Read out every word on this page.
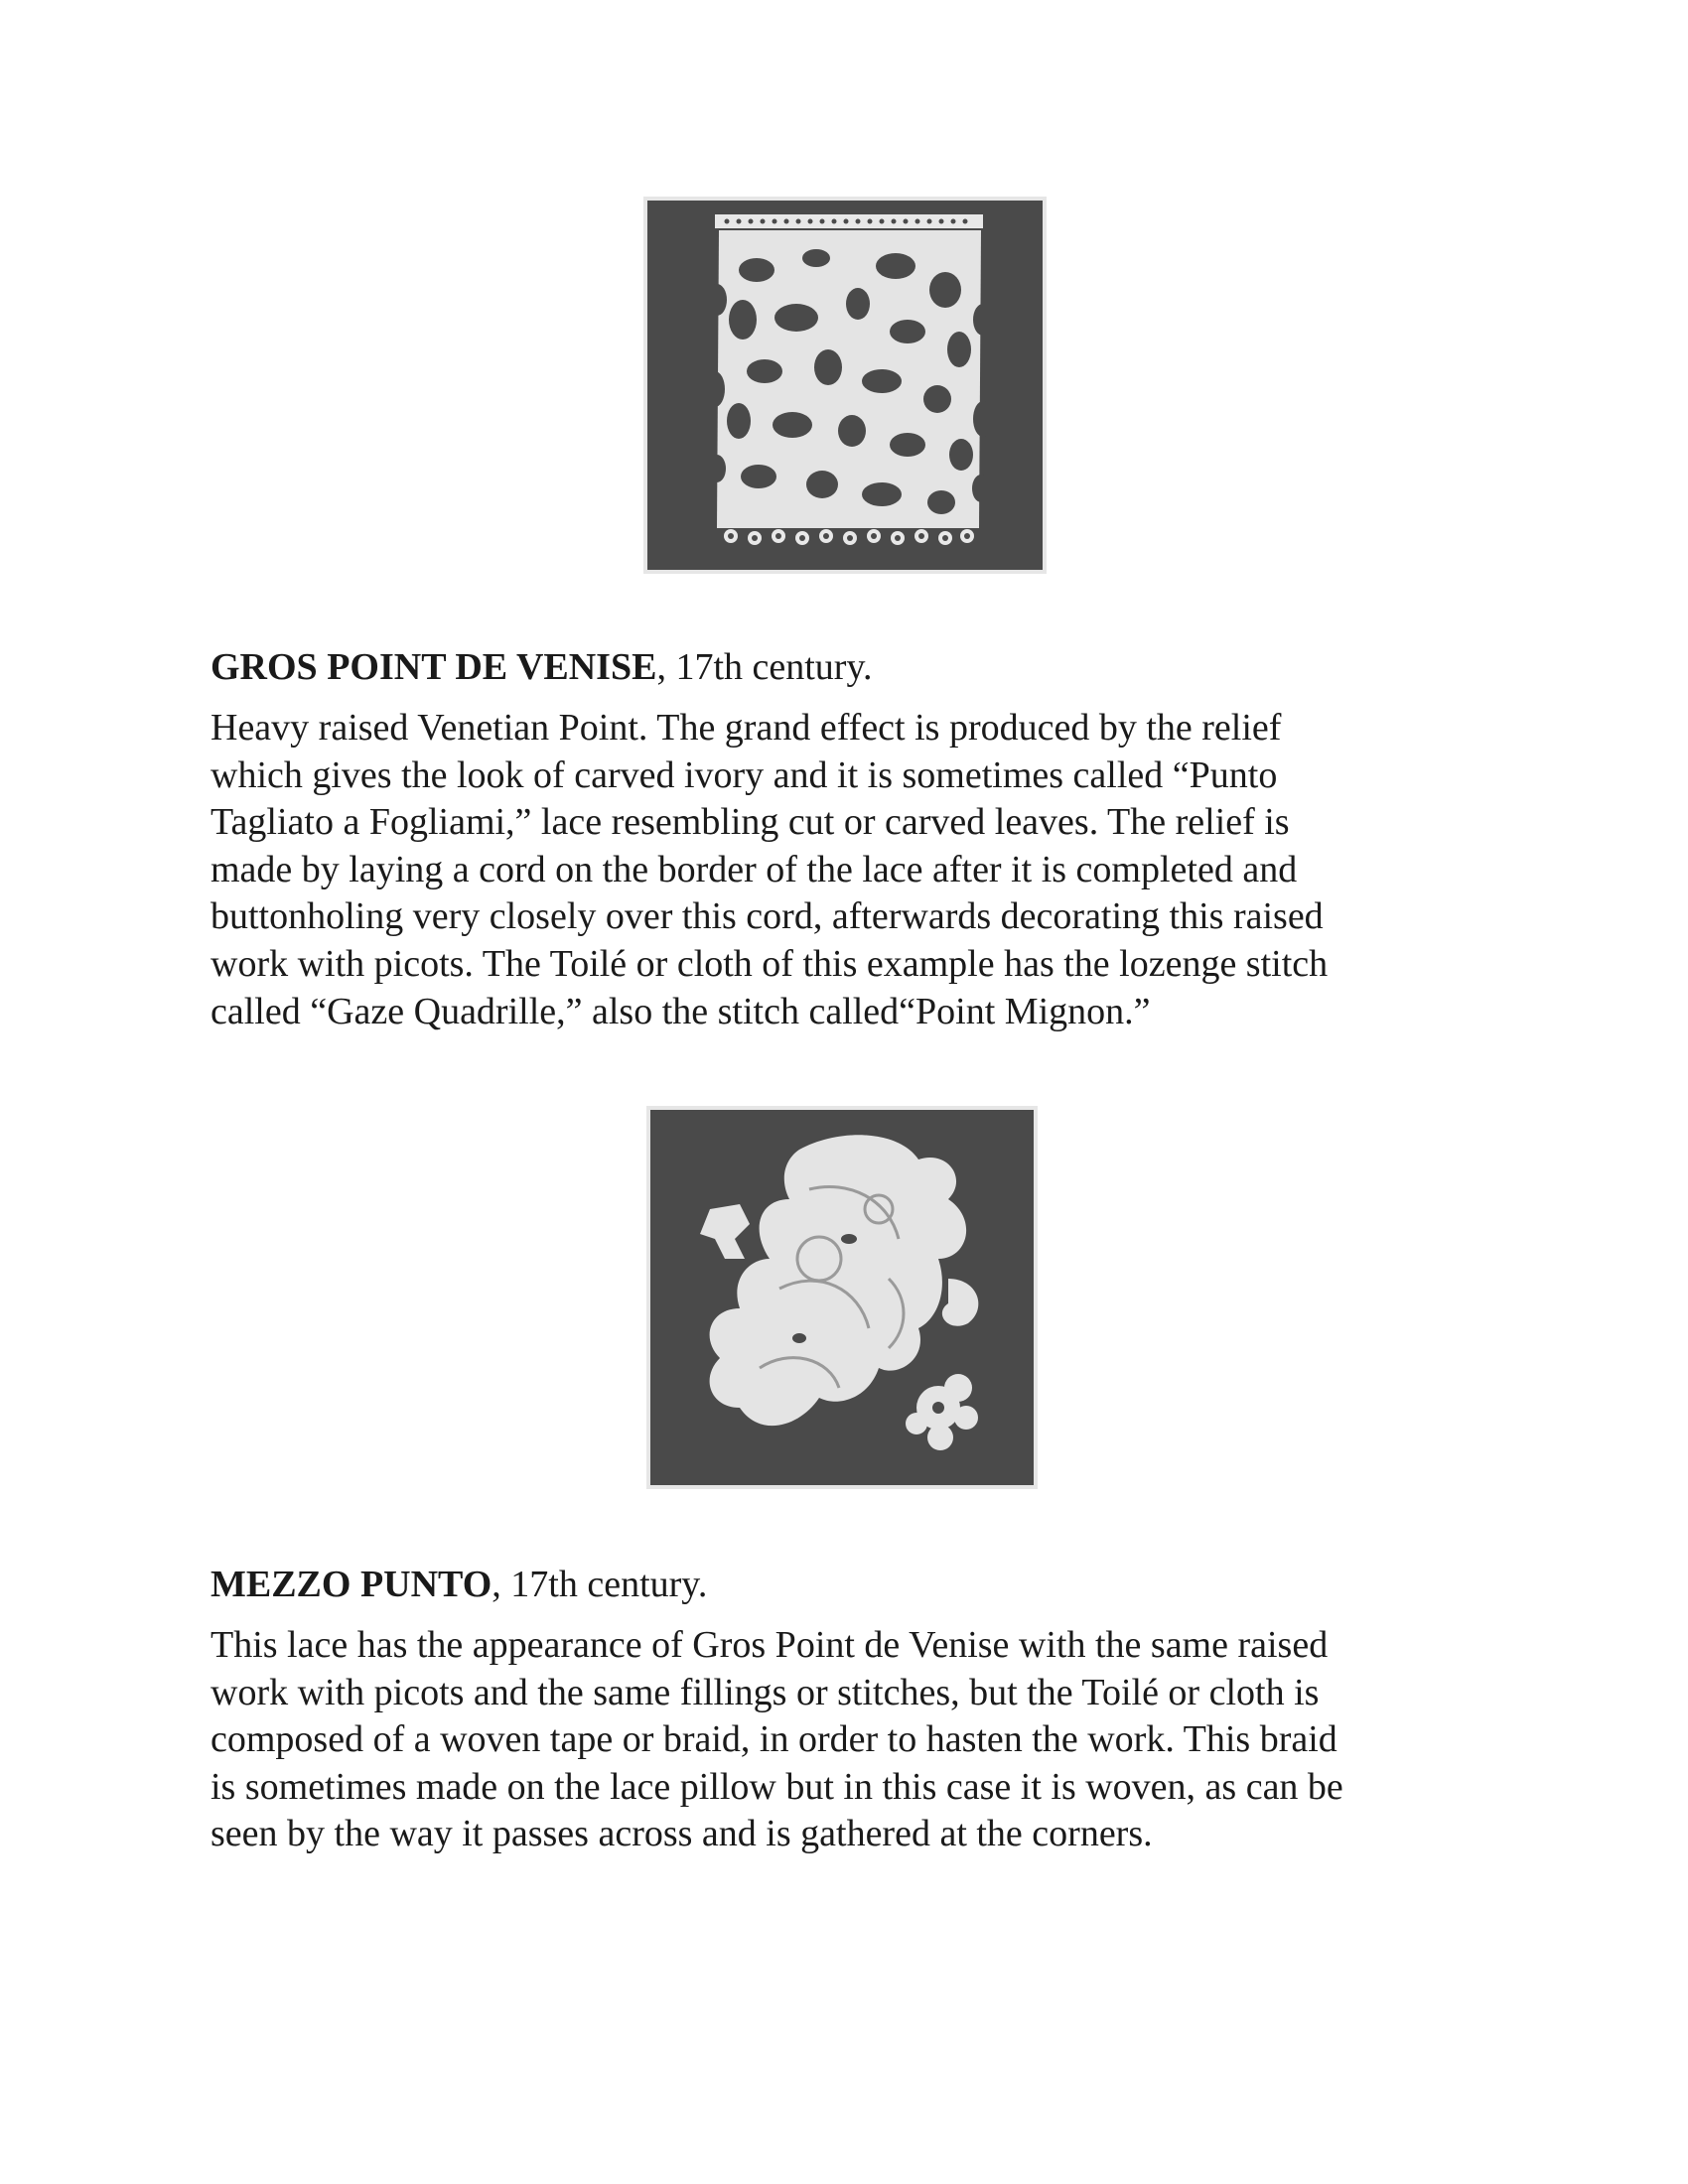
GROS POINT DE VENISE, 17th century.

Heavy raised Venetian Point. The grand effect is produced by the relief
which gives the look of carved ivory and it is sometimes called “Punto
Tagliato a Fogliami,” lace resembling cut or carved leaves. The relief is
made by laying a cord on the border of the lace after it is completed and
buttonholing very closely over this cord, afterwards decorating this raised
work with picots. The Toilé or cloth of this example has the lozenge stitch
called “Gaze Quadrille,” also the stitch called“Point Mignon.”

MEZZO PUNTO, 17th century.

This lace has the appearance of Gros Point de Venise with the same raised
work with picots and the same fillings or stitches, but the Toilé or cloth is
composed of a woven tape or braid, in order to hasten the work. This braid
is sometimes made on the lace pillow but in this case it is woven, as can be
seen by the way it passes across and is gathered at the corners.
